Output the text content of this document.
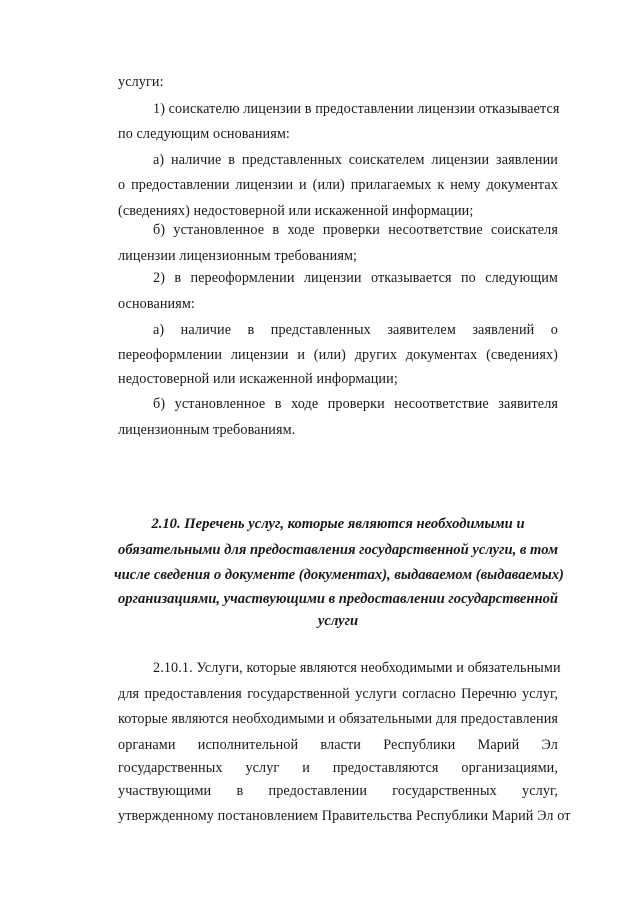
услуги:
1) соискателю лицензии в предоставлении лицензии отказывается
по следующим основаниям:
а) наличие в представленных соискателем лицензии заявлении
о предоставлении лицензии и (или) прилагаемых к нему документах
(сведениях) недостоверной или искаженной информации;
б) установленное в ходе проверки несоответствие соискателя
лицензии лицензионным требованиям;
2) в переоформлении лицензии отказывается по следующим
основаниям:
а) наличие в представленных заявителем заявлений о
переоформлении лицензии и (или) других документах (сведениях)
недостоверной или искаженной информации;
б) установленное в ходе проверки несоответствие заявителя
лицензионным требованиям.
2.10. Перечень услуг, которые являются необходимыми и
обязательными для предоставления государственной услуги, в том
числе сведения о документе (документах), выдаваемом (выдаваемых)
организациями, участвующими в предоставлении государственной
услуги
2.10.1. Услуги, которые являются необходимыми и обязательными
для предоставления государственной услуги согласно Перечню услуг,
которые являются необходимыми и обязательными для предоставления
органами исполнительной власти Республики Марий Эл
государственных услуг и предоставляются организациями,
участвующими в предоставлении государственных услуг,
утвержденному постановлением Правительства Республики Марий Эл от
